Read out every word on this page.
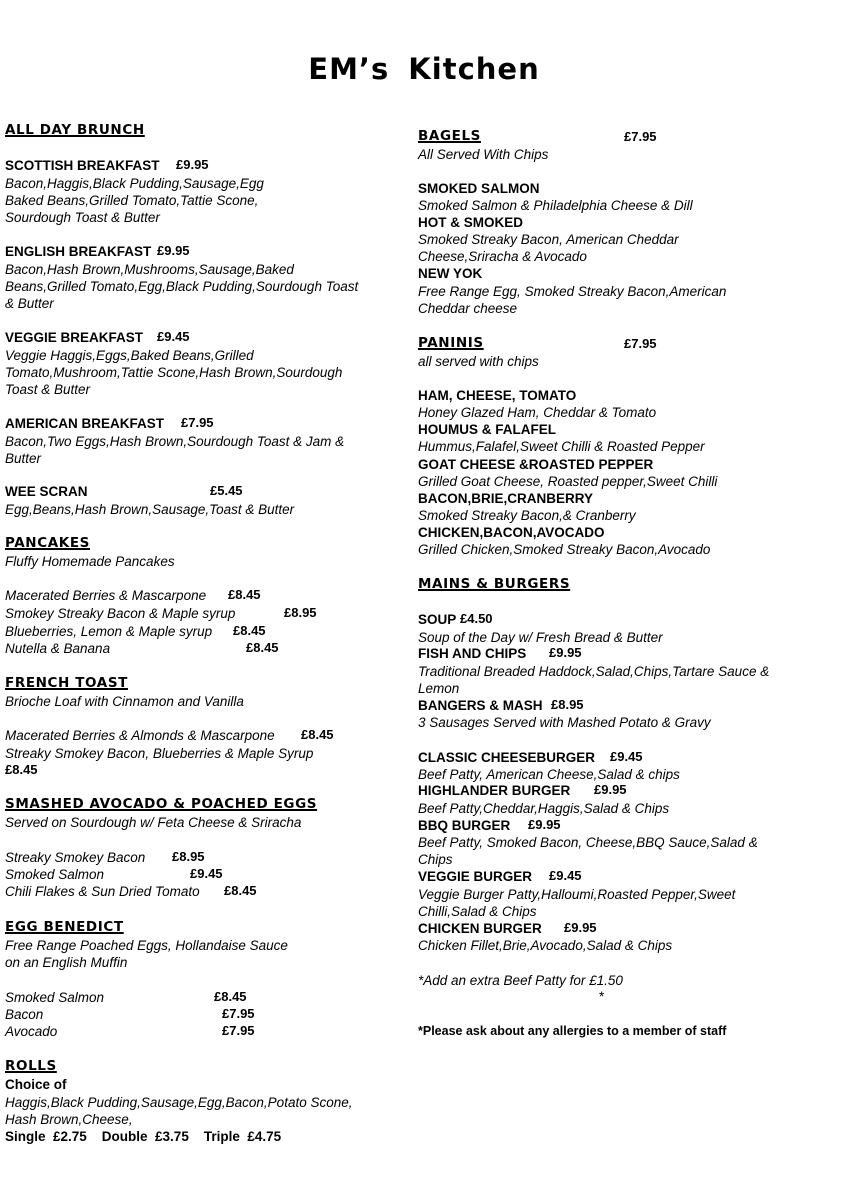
EM’s Kitchen
ALL DAY BRUNCH
SCOTTISH BREAKFAST £9.95
Bacon,Haggis,Black Pudding,Sausage,Egg
Baked Beans,Grilled Tomato,Tattie Scone,
Sourdough Toast & Butter
ENGLISH BREAKFAST £9.95
Bacon,Hash Brown,Mushrooms,Sausage,Baked
Beans,Grilled Tomato,Egg,Black Pudding,Sourdough Toast
& Butter
VEGGIE BREAKFAST £9.45
Veggie Haggis,Eggs,Baked Beans,Grilled
Tomato,Mushroom,Tattie Scone,Hash Brown,Sourdough
Toast & Butter
AMERICAN BREAKFAST £7.95
Bacon,Two Eggs,Hash Brown,Sourdough Toast & Jam &
Butter
WEE SCRAN	£5.45
Egg,Beans,Hash Brown,Sausage,Toast & Butter
PANCAKES
Fluffy Homemade Pancakes
Macerated Berries & Mascarpone £8.45
Smokey Streaky Bacon & Maple syrup	£8.95
Blueberries, Lemon & Maple syrup £8.45
Nutella & Banana	£8.45
FRENCH TOAST
Brioche Loaf with Cinnamon and Vanilla
Macerated Berries & Almonds & Mascarpone £8.45
Streaky Smokey Bacon, Blueberries & Maple Syrup
£8.45
SMASHED AVOCADO & POACHED EGGS
Served on Sourdough w/ Feta Cheese & Sriracha
Streaky Smokey Bacon £8.95
Smoked Salmon	£9.45
Chili Flakes & Sun Dried Tomato £8.45
EGG BENEDICT
Free Range Poached Eggs, Hollandaise Sauce
on an English Muffin
Smoked Salmon	£8.45
Bacon	£7.95
Avocado	£7.95
ROLLS
Choice of
Haggis,Black Pudding,Sausage,Egg,Bacon,Potato Scone,
Hash Brown,Cheese,
Single  £2.75    Double  £3.75    Triple  £4.75
BAGELS	£7.95
All Served With Chips
SMOKED SALMON
Smoked Salmon & Philadelphia Cheese & Dill
HOT & SMOKED
Smoked Streaky Bacon, American Cheddar
Cheese,Sriracha & Avocado
NEW YOK
Free Range Egg, Smoked Streaky Bacon,American
Cheddar cheese
PANINIS	£7.95
all served with chips
HAM, CHEESE, TOMATO
Honey Glazed Ham, Cheddar & Tomato
HOUMUS & FALAFEL
Hummus,Falafel,Sweet Chilli & Roasted Pepper
GOAT CHEESE &ROASTED PEPPER
Grilled Goat Cheese, Roasted pepper,Sweet Chilli
BACON,BRIE,CRANBERRY
Smoked Streaky Bacon,& Cranberry
CHICKEN,BACON,AVOCADO
Grilled Chicken,Smoked Streaky Bacon,Avocado
MAINS & BURGERS
SOUP £4.50
Soup of the Day w/ Fresh Bread & Butter
FISH AND CHIPS £9.95
Traditional Breaded Haddock,Salad,Chips,Tartare Sauce &
Lemon
BANGERS & MASH £8.95
3 Sausages Served with Mashed Potato & Gravy
CLASSIC CHEESEBURGER £9.45
Beef Patty, American Cheese,Salad & chips
HIGHLANDER BURGER £9.95
Beef Patty,Cheddar,Haggis,Salad & Chips
BBQ BURGER £9.95
Beef Patty, Smoked Bacon, Cheese,BBQ Sauce,Salad &
Chips
VEGGIE BURGER £9.45
Veggie Burger Patty,Halloumi,Roasted Pepper,Sweet
Chilli,Salad & Chips
CHICKEN BURGER £9.95
Chicken Fillet,Brie,Avocado,Salad & Chips
*Add an extra Beef Patty for £1.50
*
*Please ask about any allergies to a member of staff
